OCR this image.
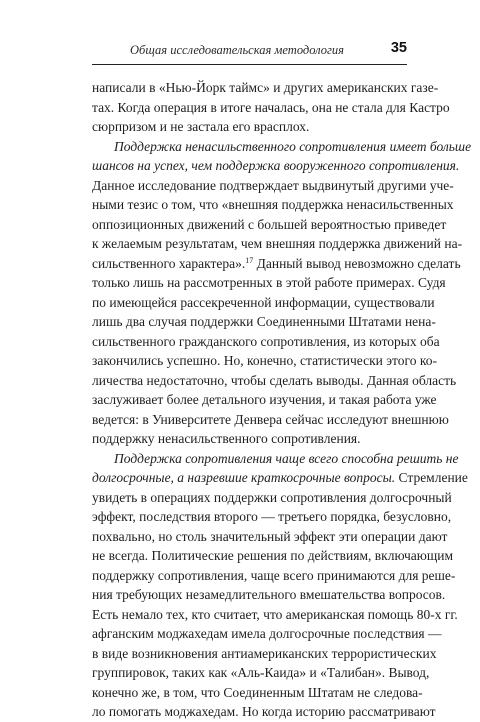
Общая исследовательская методология	35
написали в «Нью-Йорк таймс» и других американских газе-
тах. Когда операция в итоге началась, она не стала для Кастро
сюрпризом и не застала его врасплох.
Поддержка ненасильственного сопротивления имеет больше
шансов на успех, чем поддержка вооруженного сопротивления.
Данное исследование подтверждает выдвинутый другими уче-
ными тезис о том, что «внешняя поддержка ненасильственных
оппозиционных движений с большей вероятностью приведет
к желаемым результатам, чем внешняя поддержка движений на-
сильственного характера».$^{17}$ Данный вывод невозможно сделать
только лишь на рассмотренных в этой работе примерах. Судя
по имеющейся рассекреченной информации, существовали
лишь два случая поддержки Соединенными Штатами нена-
сильственного гражданского сопротивления, из которых оба
закончились успешно. Но, конечно, статистически этого ко-
личества недостаточно, чтобы сделать выводы. Данная область
заслуживает более детального изучения, и такая работа уже
ведется: в Университете Денвера сейчас исследуют внешнюю
поддержку ненасильственного сопротивления.
Поддержка сопротивления чаще всего способна решить не
долгосрочные, а назревшие краткосрочные вопросы. Стремление
увидеть в операциях поддержки сопротивления долгосрочный
эффект, последствия второго — третьего порядка, безусловно,
похвально, но столь значительный эффект эти операции дают
не всегда. Политические решения по действиям, включающим
поддержку сопротивления, чаще всего принимаются для реше-
ния требующих незамедлительного вмешательства вопросов.
Есть немало тех, кто считает, что американская помощь 80-х гг.
афганским моджахедам имела долгосрочные последствия —
в виде возникновения антиамериканских террористических
группировок, таких как «Аль-Каида» и «Талибан». Вывод,
конечно же, в том, что Соединенным Штатам не следова-
ло помогать моджахедам. Но когда историю рассматривают
